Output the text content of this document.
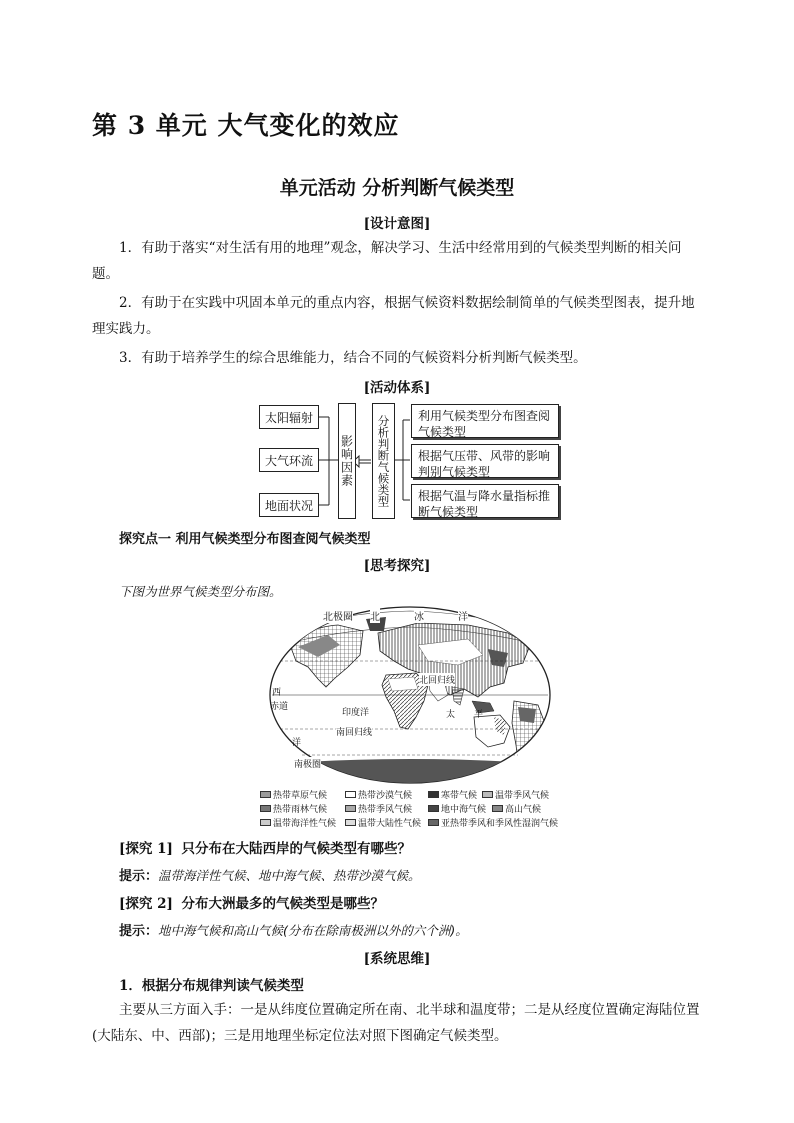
第 3 单元 大气变化的效应
单元活动 分析判断气候类型
[设计意图]
1．有助于落实“对生活有用的地理”观念，解决学习、生活中经常用到的气候类型判断的相关问题。
2．有助于在实践中巩固本单元的重点内容，根据气候资料数据绘制简单的气候类型图表，提升地理实践力。
3．有助于培养学生的综合思维能力，结合不同的气候资料分析判断气候类型。
[活动体系]
太阳辐射
大气环流
地面状况
影响因素	分析判断气候类型	利用气候类型分布图查阅气候类型
根据气压带、风带的影响判别气候类型
根据气温与降水量指标推断气候类型
探究点一 利用气候类型分布图查阅气候类型
[思考探究]
下图为世界气候类型分布图。
北极圈 北	冰	洋
北回归线
西
赤道
印度洋	太 平
南回归线
洋
南极圈
热带草原气候	热带沙漠气候	寒带气候 温带季风气候
热带雨林气候	热带季风气候	地中海气候 高山气候
温带海洋性气候 温带大陆性气候 亚热带季风和季风性湿润气候
[探究 1] 只分布在大陆西岸的气候类型有哪些？
提示：温带海洋性气候、地中海气候、热带沙漠气候。
[探究 2] 分布大洲最多的气候类型是哪些？
提示：地中海气候和高山气候(分布在除南极洲以外的六个洲)。
[系统思维]
1．根据分布规律判读气候类型
主要从三方面入手：一是从纬度位置确定所在南、北半球和温度带；二是从经度位置确定海陆位置(大陆东、中、西部)；三是用地理坐标定位法对照下图确定气候类型。
